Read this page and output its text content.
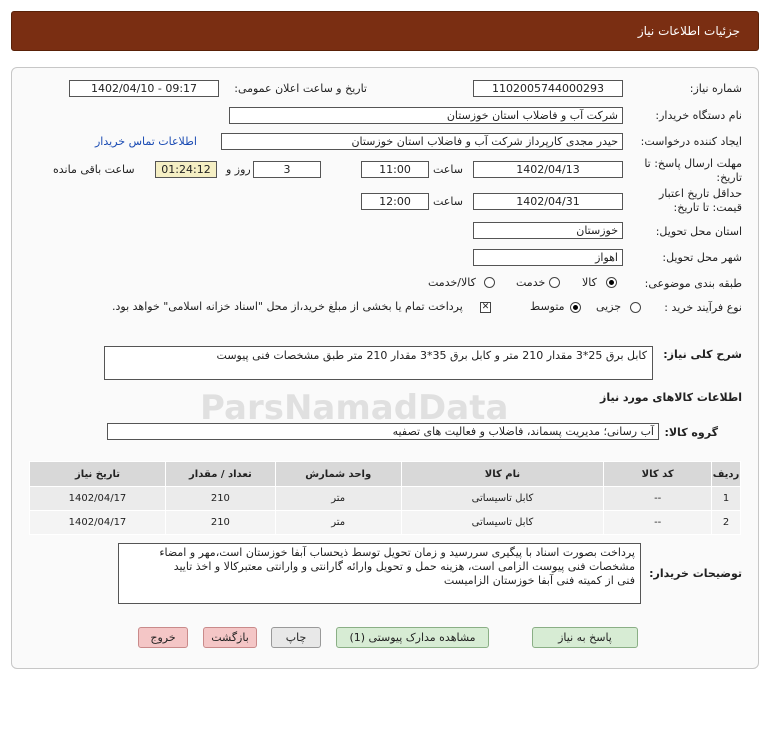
جزئیات اطلاعات نیاز
شماره نیاز:
1102005744000293
تاریخ و ساعت اعلان عمومی:
1402/04/10 - 09:17
نام دستگاه خریدار:
شرکت آب و فاضلاب استان خوزستان
ایجاد کننده درخواست:
حیدر مجدی کارپرداز شرکت آب و فاضلاب استان خوزستان
اطلاعات تماس خریدار
مهلت ارسال پاسخ: تا تاریخ:
1402/04/13
ساعت
11:00
3
روز و
01:24:12
ساعت باقی مانده
حداقل تاریخ اعتبار قیمت: تا تاریخ:
1402/04/31
ساعت
12:00
استان محل تحویل:
خوزستان
شهر محل تحویل:
اهواز
طبقه بندی موضوعی:
کالا
خدمت
کالا/خدمت
نوع فرآیند خرید :
جزیی
متوسط
✕
پرداخت تمام یا بخشی از مبلغ خرید،از محل "اسناد خزانه اسلامی" خواهد بود.
شرح کلی نیاز:
کابل برق 25*3 مقدار 210 متر و کابل برق 35*3 مقدار 210 متر طبق مشخصات فنی پیوست
اطلاعات کالاهای مورد نیاز
گروه کالا:
آب رسانی؛ مدیریت پسماند، فاضلاب و فعالیت های تصفیه
ردیف	کد کالا	نام کالا	واحد شمارش	تعداد / مقدار	تاریخ نیاز
1	--	کابل تاسیساتی	متر	210	1402/04/17
2	--	کابل تاسیساتی	متر	210	1402/04/17
توضیحات خریدار:
پرداخت بصورت اسناد با پیگیری سررسید و زمان تحویل توسط ذیحساب آبفا خوزستان است،مهر و امضاء
مشخصات فنی پیوست الزامی است، هزینه حمل و تحویل وارائه گارانتی و وارانتی معتبرکالا و اخذ تایید
فنی از کمیته فنی آبفا خوزستان الزامیست
پاسخ به نیاز
مشاهده مدارک پیوستی (1)
چاپ
بازگشت
خروج
